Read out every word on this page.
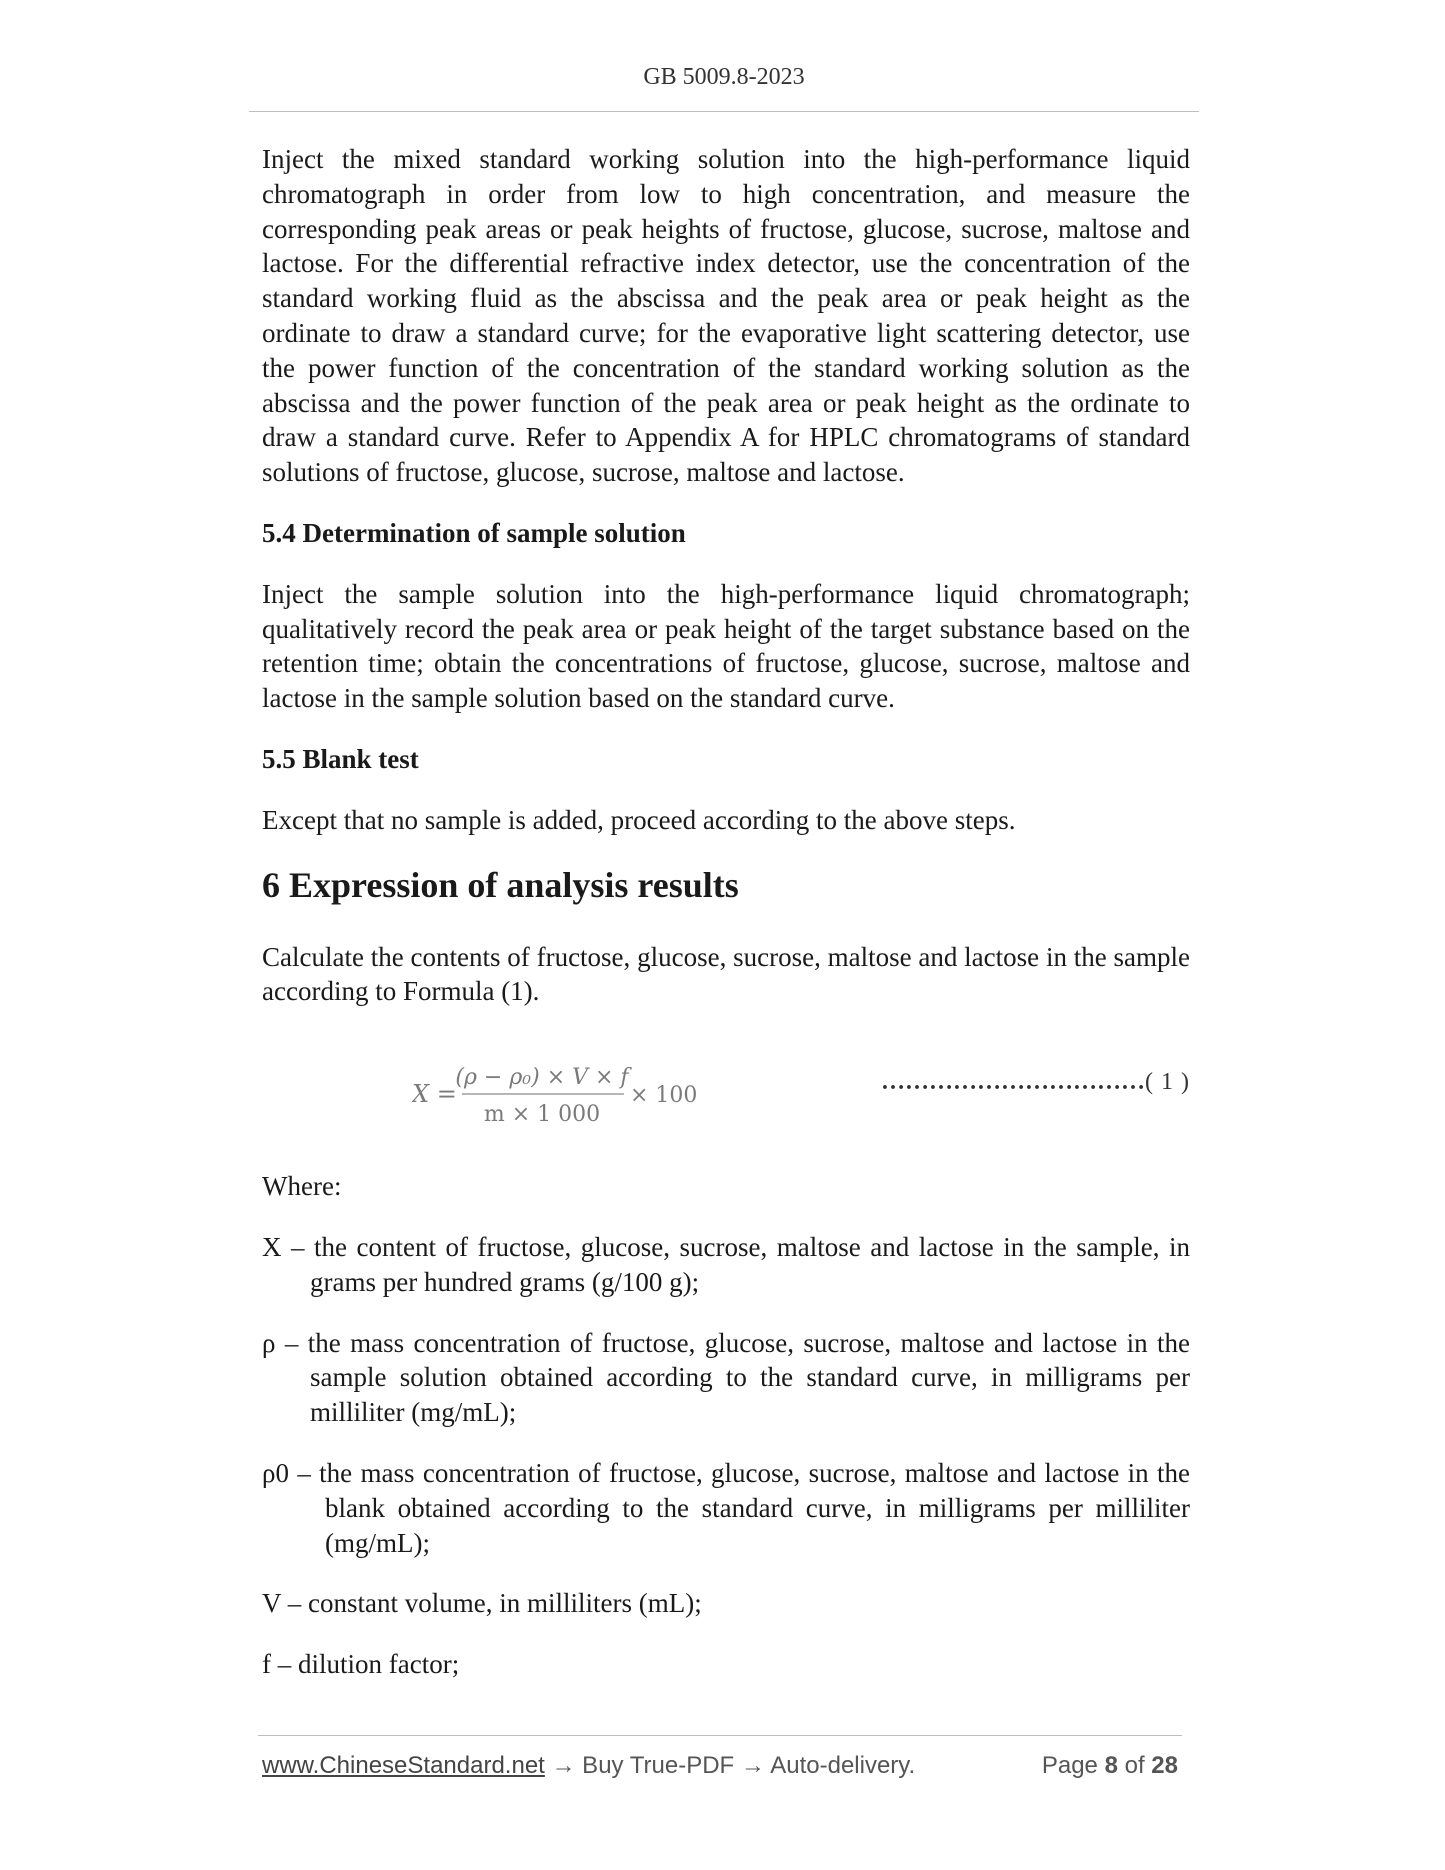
GB 5009.8-2023

Inject the mixed standard working solution into the high-performance liquid chromatograph in order from low to high concentration, and measure the corresponding peak areas or peak heights of fructose, glucose, sucrose, maltose and lactose. For the differential refractive index detector, use the concentration of the standard working fluid as the abscissa and the peak area or peak height as the ordinate to draw a standard curve; for the evaporative light scattering detector, use the power function of the concentration of the standard working solution as the abscissa and the power function of the peak area or peak height as the ordinate to draw a standard curve. Refer to Appendix A for HPLC chromatograms of standard solutions of fructose, glucose, sucrose, maltose and lactose.

5.4 Determination of sample solution

Inject the sample solution into the high-performance liquid chromatograph; qualitatively record the peak area or peak height of the target substance based on the retention time; obtain the concentrations of fructose, glucose, sucrose, maltose and lactose in the sample solution based on the standard curve.

5.5 Blank test

Except that no sample is added, proceed according to the above steps.

6 Expression of analysis results

Calculate the contents of fructose, glucose, sucrose, maltose and lactose in the sample according to Formula (1).

X =
(ρ − ρ₀) × V × f
m × 1 000
× 100
……………………………( 1 )

Where:

X – the content of fructose, glucose, sucrose, maltose and lactose in the sample, in grams per hundred grams (g/100 g);

ρ – the mass concentration of fructose, glucose, sucrose, maltose and lactose in the sample solution obtained according to the standard curve, in milligrams per milliliter (mg/mL);

ρ0 – the mass concentration of fructose, glucose, sucrose, maltose and lactose in the blank obtained according to the standard curve, in milligrams per milliliter (mg/mL);

V – constant volume, in milliliters (mL);

f – dilution factor;

www.ChineseStandard.net → Buy True-PDF → Auto-delivery.	Page 8 of 28
